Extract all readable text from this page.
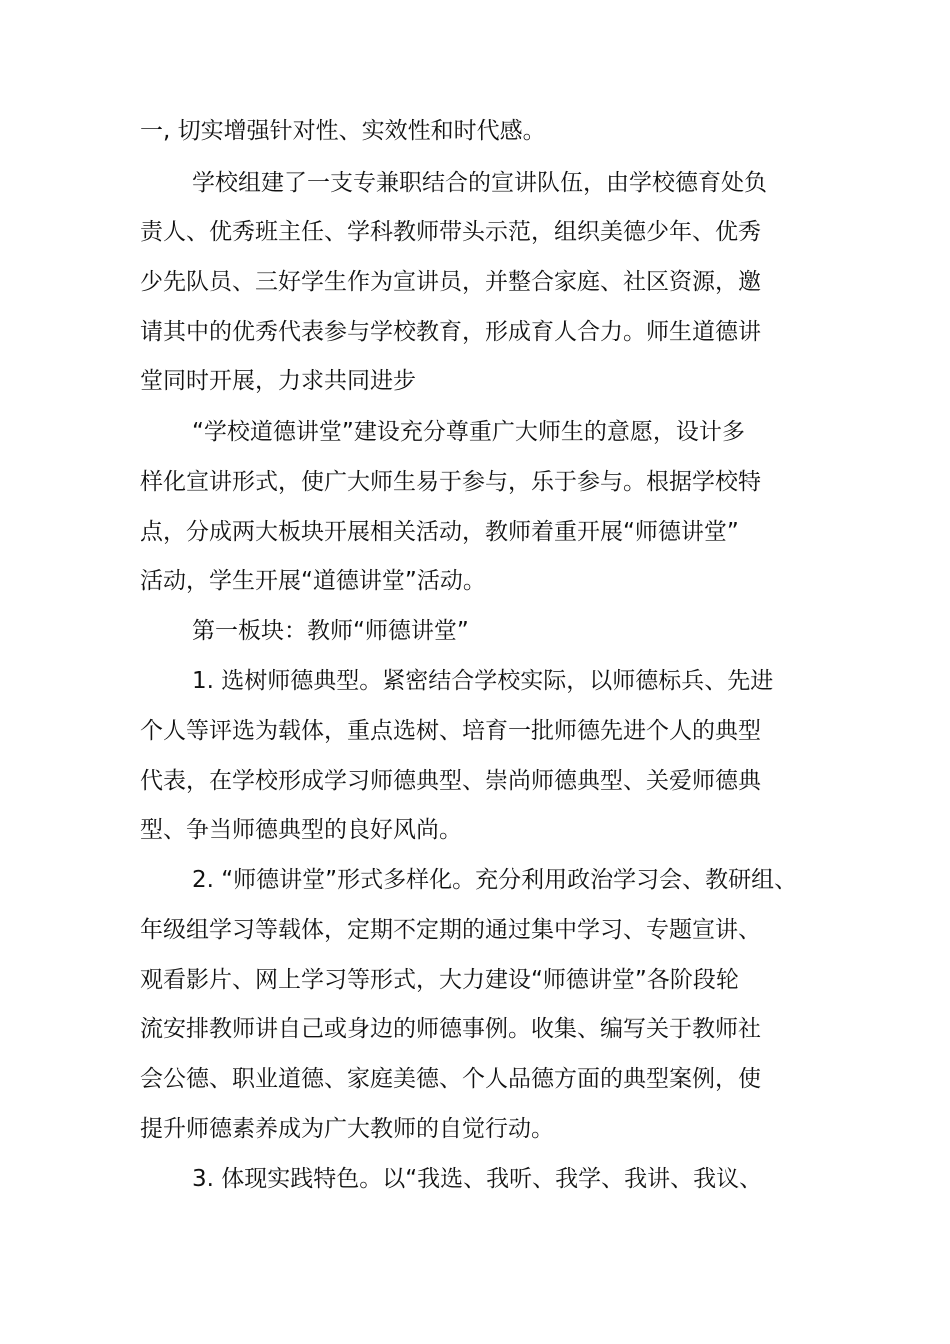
一, 切实增强针对性、实效性和时代感。

学校组建了一支专兼职结合的宣讲队伍，由学校德育处负

责人、优秀班主任、学科教师带头示范，组织美德少年、优秀

少先队员、三好学生作为宣讲员，并整合家庭、社区资源，邀

请其中的优秀代表参与学校教育，形成育人合力。师生道德讲

堂同时开展，力求共同进步

“学校道德讲堂”建设充分尊重广大师生的意愿，设计多

样化宣讲形式，使广大师生易于参与，乐于参与。根据学校特

点，分成两大板块开展相关活动，教师着重开展“师德讲堂”

活动，学生开展“道德讲堂”活动。

第一板块：教师“师德讲堂”

1. 选树师德典型。紧密结合学校实际，以师德标兵、先进

个人等评选为载体，重点选树、培育一批师德先进个人的典型

代表，在学校形成学习师德典型、崇尚师德典型、关爱师德典

型、争当师德典型的良好风尚。

2. “师德讲堂”形式多样化。充分利用政治学习会、教研组、

年级组学习等载体，定期不定期的通过集中学习、专题宣讲、

观看影片、网上学习等形式，大力建设“师德讲堂”各阶段轮

流安排教师讲自己或身边的师德事例。收集、编写关于教师社

会公德、职业道德、家庭美德、个人品德方面的典型案例，使

提升师德素养成为广大教师的自觉行动。

3. 体现实践特色。以“我选、我听、我学、我讲、我议、
